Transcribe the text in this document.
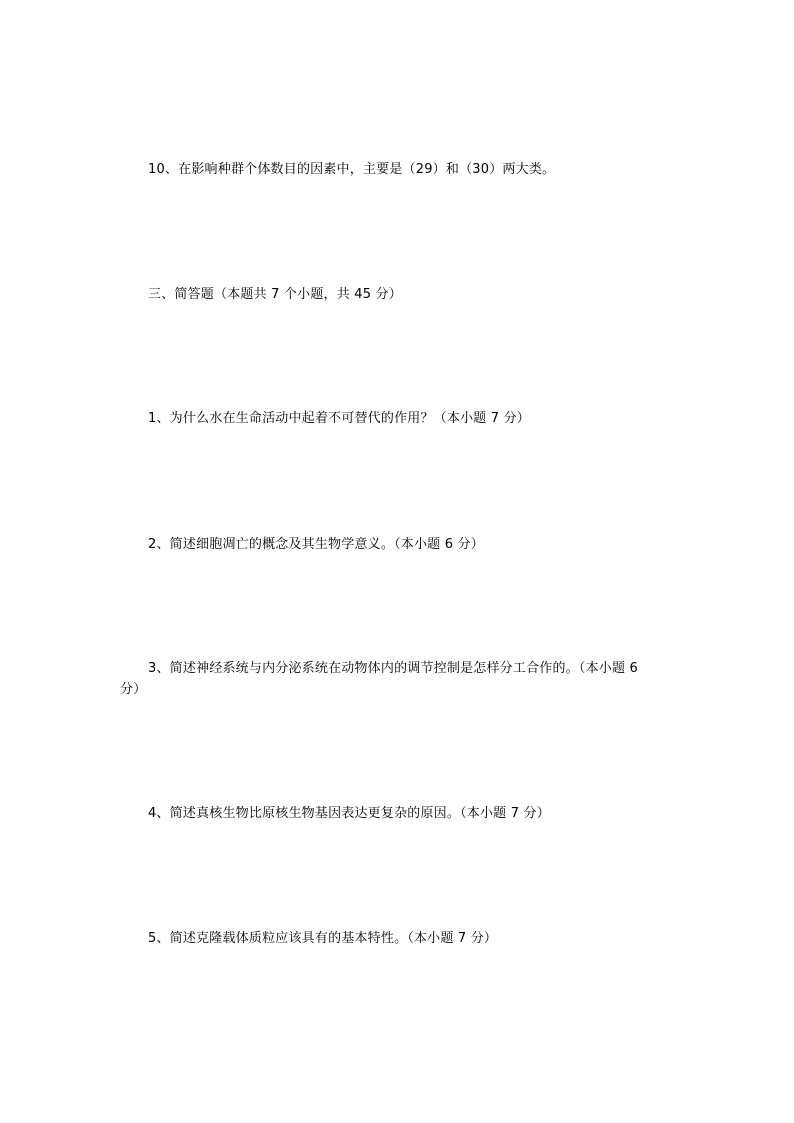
10、在影响种群个体数目的因素中，主要是（29）和（30）两大类。
三、简答题（本题共 7 个小题，共 45 分）
1、为什么水在生命活动中起着不可替代的作用？（本小题 7 分）
2、简述细胞凋亡的概念及其生物学意义。（本小题 6 分）
3、简述神经系统与内分泌系统在动物体内的调节控制是怎样分工合作的。（本小题 6
分）
4、简述真核生物比原核生物基因表达更复杂的原因。（本小题 7 分）
5、简述克隆载体质粒应该具有的基本特性。（本小题 7 分）
